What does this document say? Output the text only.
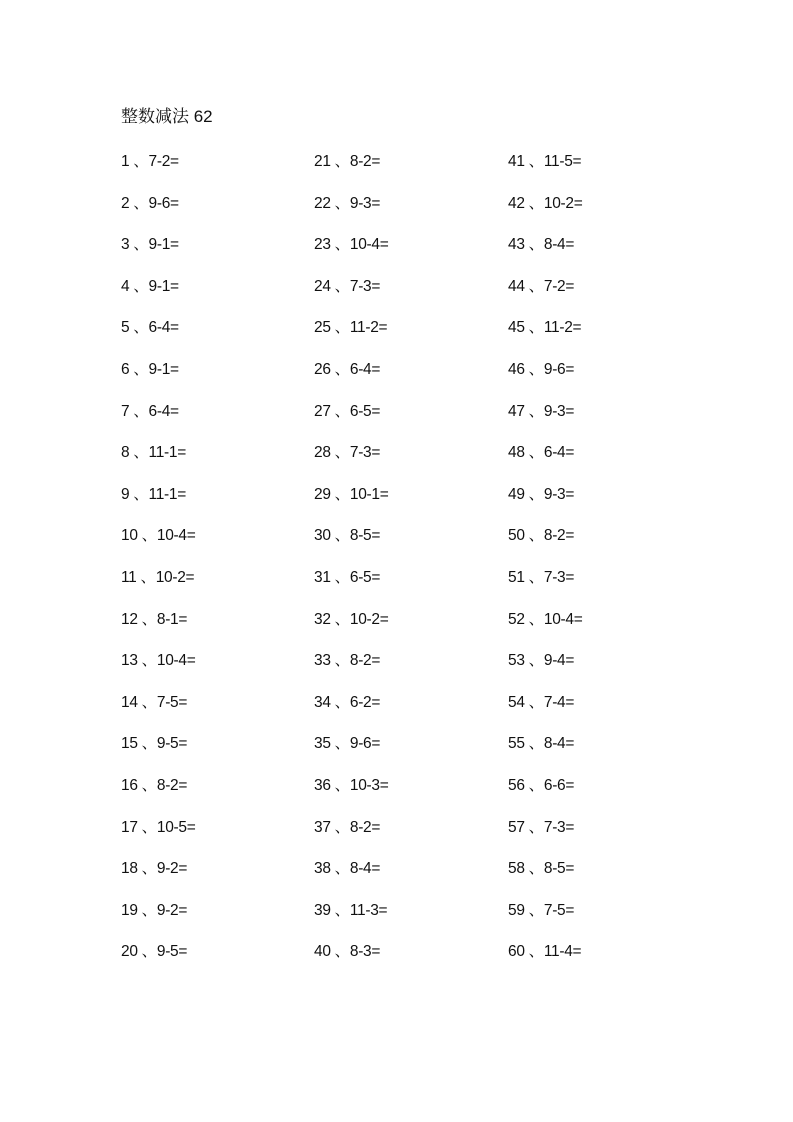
整数减法 62
1 、7-2=
2 、9-6=
3 、9-1=
4 、9-1=
5 、6-4=
6 、9-1=
7 、6-4=
8 、11-1=
9 、11-1=
10 、10-4=
11 、10-2=
12 、8-1=
13 、10-4=
14 、7-5=
15 、9-5=
16 、8-2=
17 、10-5=
18 、9-2=
19 、9-2=
20 、9-5=
21 、8-2=
22 、9-3=
23 、10-4=
24 、7-3=
25 、11-2=
26 、6-4=
27 、6-5=
28 、7-3=
29 、10-1=
30 、8-5=
31 、6-5=
32 、10-2=
33 、8-2=
34 、6-2=
35 、9-6=
36 、10-3=
37 、8-2=
38 、8-4=
39 、11-3=
40 、8-3=
41 、11-5=
42 、10-2=
43 、8-4=
44 、7-2=
45 、11-2=
46 、9-6=
47 、9-3=
48 、6-4=
49 、9-3=
50 、8-2=
51 、7-3=
52 、10-4=
53 、9-4=
54 、7-4=
55 、8-4=
56 、6-6=
57 、7-3=
58 、8-5=
59 、7-5=
60 、11-4=
